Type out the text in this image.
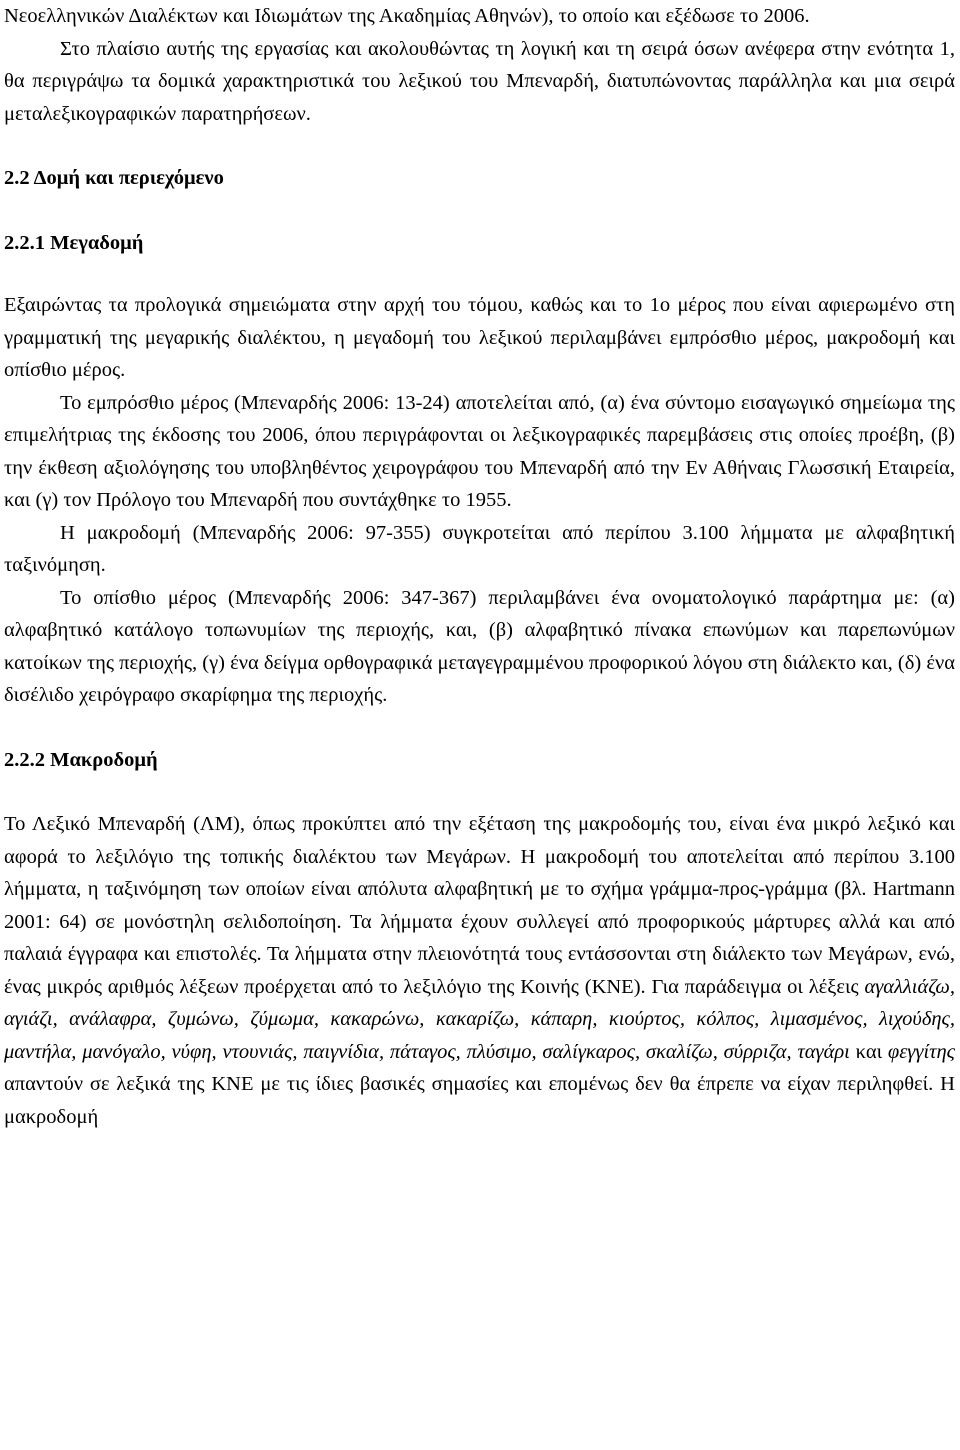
Νεοελληνικών Διαλέκτων και Ιδιωμάτων της Ακαδημίας Αθηνών), το οποίο και εξέδωσε το 2006.

Στο πλαίσιο αυτής της εργασίας και ακολουθώντας τη λογική και τη σειρά όσων ανέφερα στην ενότητα 1, θα περιγράψω τα δομικά χαρακτηριστικά του λεξικού του Μπεναρδή, διατυπώνοντας παράλληλα και μια σειρά μεταλεξικογραφικών παρατηρήσεων.

2.2 Δομή και περιεχόμενο

2.2.1 Μεγαδομή

Εξαιρώντας τα προλογικά σημειώματα στην αρχή του τόμου, καθώς και το 1ο μέρος που είναι αφιερωμένο στη γραμματική της μεγαρικής διαλέκτου, η μεγαδομή του λεξικού περιλαμβάνει εμπρόσθιο μέρος, μακροδομή και οπίσθιο μέρος.

Το εμπρόσθιο μέρος (Μπεναρδής 2006: 13-24) αποτελείται από, (α) ένα σύντομο εισαγωγικό σημείωμα της επιμελήτριας της έκδοσης του 2006, όπου περιγράφονται οι λεξικογραφικές παρεμβάσεις στις οποίες προέβη, (β) την έκθεση αξιολόγησης του υποβληθέντος χειρογράφου του Μπεναρδή από την Εν Αθήναις Γλωσσική Εταιρεία, και (γ) τον Πρόλογο του Μπεναρδή που συντάχθηκε το 1955.

Η μακροδομή (Μπεναρδής 2006: 97-355) συγκροτείται από περίπου 3.100 λήμματα με αλφαβητική ταξινόμηση.

Το οπίσθιο μέρος (Μπεναρδής 2006: 347-367) περιλαμβάνει ένα ονοματολογικό παράρτημα με: (α) αλφαβητικό κατάλογο τοπωνυμίων της περιοχής, και, (β) αλφαβητικό πίνακα επωνύμων και παρεπωνύμων κατοίκων της περιοχής, (γ) ένα δείγμα ορθογραφικά μεταγεγραμμένου προφορικού λόγου στη διάλεκτο και, (δ) ένα δισέλιδο χειρόγραφο σκαρίφημα της περιοχής.

2.2.2 Μακροδομή

Το Λεξικό Μπεναρδή (ΛΜ), όπως προκύπτει από την εξέταση της μακροδομής του, είναι ένα μικρό λεξικό και αφορά το λεξιλόγιο της τοπικής διαλέκτου των Μεγάρων. Η μακροδομή του αποτελείται από περίπου 3.100 λήμματα, η ταξινόμηση των οποίων είναι απόλυτα αλφαβητική με το σχήμα γράμμα-προς-γράμμα (βλ. Hartmann 2001: 64) σε μονόστηλη σελιδοποίηση. Τα λήμματα έχουν συλλεγεί από προφορικούς μάρτυρες αλλά και από παλαιά έγγραφα και επιστολές. Τα λήμματα στην πλειονότητά τους εντάσσονται στη διάλεκτο των Μεγάρων, ενώ, ένας μικρός αριθμός λέξεων προέρχεται από το λεξιλόγιο της Κοινής (ΚΝΕ). Για παράδειγμα οι λέξεις αγαλλιάζω, αγιάζι, ανάλαφρα, ζυμώνω, ζύμωμα, κακαρώνω, κακαρίζω, κάπαρη, κιούρτος, κόλπος, λιμασμένος, λιχούδης, μαντήλα, μανόγαλο, νύφη, ντουνιάς, παιγνίδια, πάταγος, πλύσιμο, σαλίγκαρος, σκαλίζω, σύρριζα, ταγάρι και φεγγίτης απαντούν σε λεξικά της ΚΝΕ με τις ίδιες βασικές σημασίες και επομένως δεν θα έπρεπε να είχαν περιληφθεί. Η μακροδομή
